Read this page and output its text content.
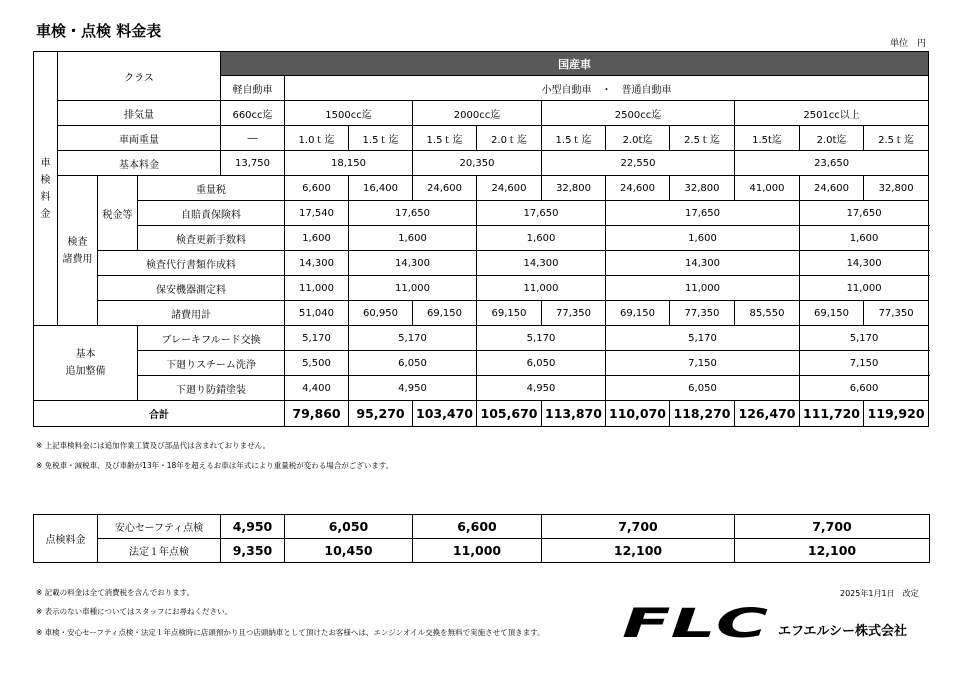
車検・点検 料金表
単位　円
車
検
料
金	クラス			国産車											
				軽自動車	小型自動車　・　普通自動車										
	排気量			660cc迄	1500cc迄		2000cc迄		2500cc迄			2501cc以上			
	車両重量			―	1.0ｔ迄	1.5ｔ迄	1.5ｔ迄	2.0ｔ迄	1.5ｔ迄	2.0t迄	2.5ｔ迄	1.5t迄	2.0t迄	2.5ｔ迄	
	基本料金			13,750	18,150		20,350		22,550			23,650			
	検査
諸費用	税金等	重量税		6,600	16,400	24,600	24,600	32,800	24,600	32,800	41,000	24,600	32,800	
			自賠責保険料		17,540	17,650		17,650		17,650			17,650		
			検査更新手数料		1,600	1,600		1,600		1,600			1,600		
		検査代行書類作成料			14,300	14,300		14,300		14,300			14,300		
		保安機器測定料			11,000	11,000		11,000		11,000			11,000		
		諸費用計			51,040	60,950	69,150	69,150	77,350	69,150	77,350	85,550	69,150	77,350	
基本
追加整備			ブレーキフルード交換		5,170	5,170		5,170		5,170			5,170		
			下廻りスチーム洗浄		5,500	6,050		6,050		7,150			7,150		
			下廻り防錆塗装		4,400	4,950		4,950		6,050			6,600		
合計					79,860	95,270	103,470	105,670	113,870	110,070	118,270	126,470	111,720	119,920	
※ 上記車検料金には追加作業工賃及び部品代は含まれておりません。
※ 免税車・減税車、及び車齢が13年・18年を超えるお車は年式により重量税が変わる場合がございます。
点検料金	安心セーフティ点検	4,950	6,050	6,600	7,700	7,700
	法定１年点検	9,350	10,450	11,000	12,100	12,100
※ 記載の料金は全て消費税を含んでおります。
※ 表示のない車種についてはスタッフにお尋ねください。
※ 車検・安心セーフティ点検・法定１年点検時に店頭預かり且つ店頭納車として頂けたお客様へは、エンジンオイル交換を無料で実施させて頂きます。
2025年1月1日　改定
FLC エフエルシー株式会社
